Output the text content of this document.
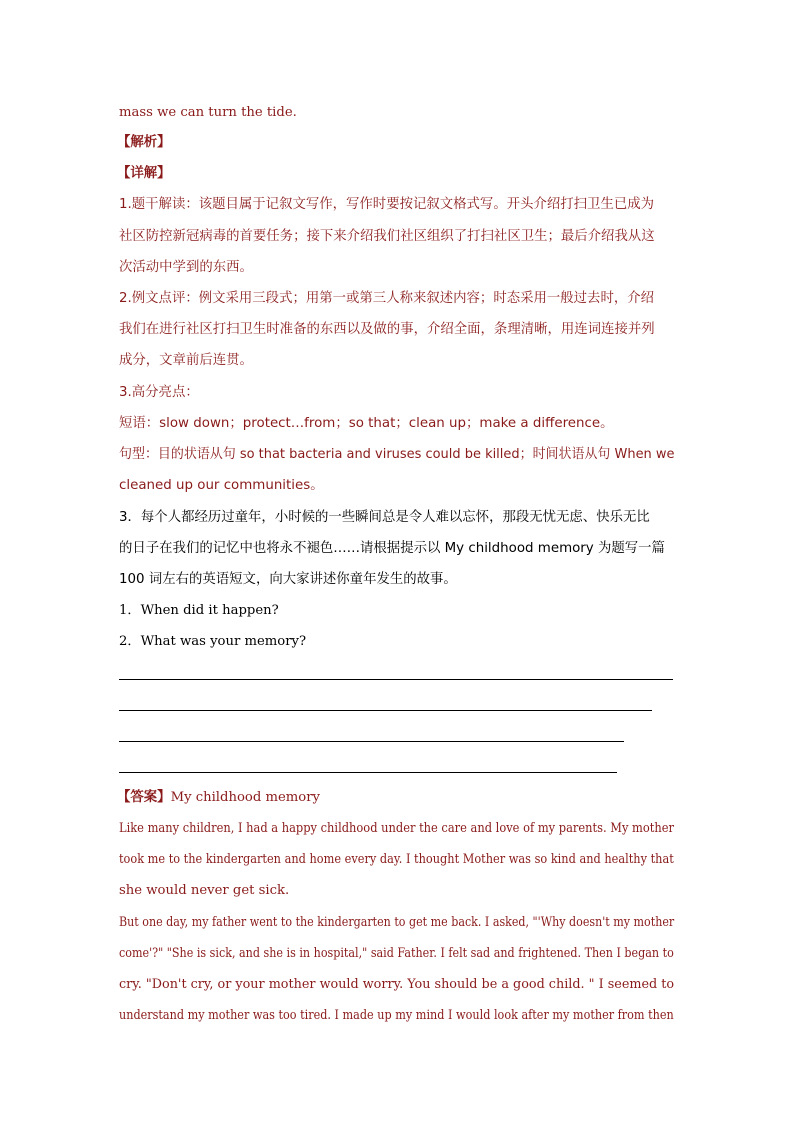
mass we can turn the tide.
【解析】
【详解】
1.题干解读：该题目属于记叙文写作，写作时要按记叙文格式写。开头介绍打扫卫生已成为
社区防控新冠病毒的首要任务；接下来介绍我们社区组织了打扫社区卫生；最后介绍我从这
次活动中学到的东西。
2.例文点评：例文采用三段式；用第一或第三人称来叙述内容；时态采用一般过去时，介绍
我们在进行社区打扫卫生时准备的东西以及做的事，介绍全面，条理清晰，用连词连接并列
成分，文章前后连贯。
3.高分亮点：
短语：slow down；protect…from；so that；clean up；make a difference。
句型：目的状语从句 so that bacteria and viruses could be killed；时间状语从句 When we
cleaned up our communities。
3．每个人都经历过童年，小时候的一些瞬间总是令人难以忘怀，那段无忧无虑、快乐无比
的日子在我们的记忆中也将永不褪色……请根据提示以 My childhood memory 为题写一篇
100 词左右的英语短文，向大家讲述你童年发生的故事。
1．When did it happen?
2．What was your memory?
【答案】My childhood memory
Like many children, I had a happy childhood under the care and love of my parents. My mother
took me to the kindergarten and home every day. I thought Mother was so kind and healthy that
she would never get sick.
But one day, my father went to the kindergarten to get me back. I asked, "'Why doesn't my mother
come'?" "She is sick, and she is in hospital," said Father. I felt sad and frightened. Then I began to
cry. "Don't cry, or your mother would worry. You should be a good child. " I seemed to
understand my mother was too tired. I made up my mind I would look after my mother from then
